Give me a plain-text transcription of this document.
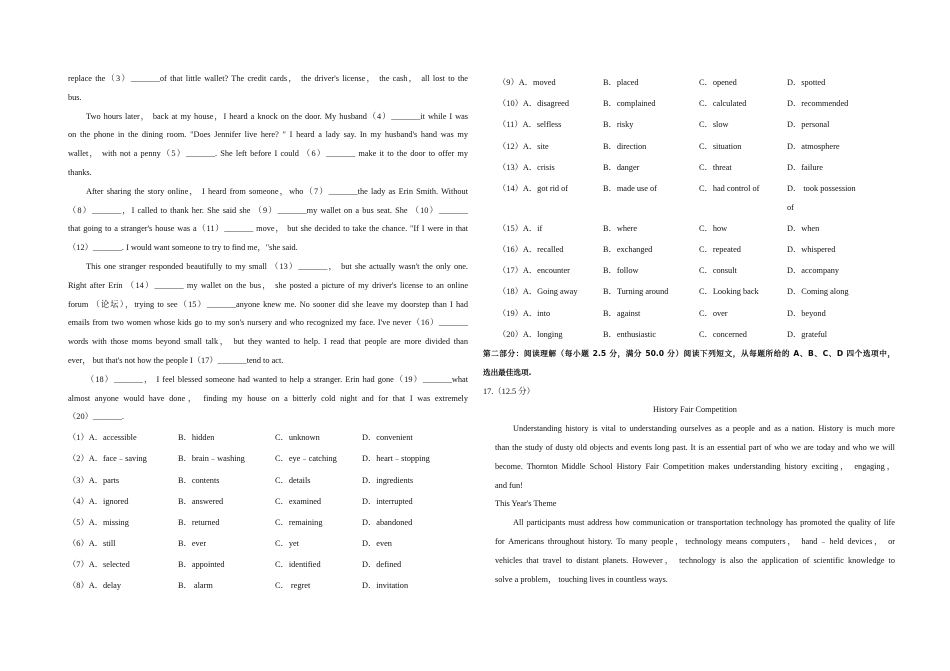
replace the（3）_______of that little wallet? The credit cards， the driver's license， the cash， all lost to the
bus.
Two hours later， back at my house，I heard a knock on the door. My husband（4）_______it while I was
on the phone in the dining room. "Does Jennifer live here? " I heard a lady say. In my husband's hand was my
wallet， with not a penny（5）_______. She left before I could （6）_______ make it to the door to offer my
thanks.
After sharing the story online， I heard from someone，who（7）_______the lady as Erin Smith. Without
（8）_______，I called to thank her. She said she （9）_______my wallet on a bus seat. She （10）_______
that going to a stranger's house was a（11）_______ move， but she decided to take the chance. "If I were in that
（12）_______. I would want someone to try to find me，"she said.
This one stranger responded beautifully to my small （13）_______， but she actually wasn't the only one.
Right after Erin （14）_______ my wallet on the bus， she posted a picture of my driver's license to an online
forum （论坛），trying to see（15）_______anyone knew me. No sooner did she leave my doorstep than I had
emails from two women whose kids go to my son's nursery and who recognized my face. I've never（16）_______
words with those moms beyond small talk， but they wanted to help. I read that people are more divided than
ever， but that's not how the people I（17）_______tend to act.
（18）_______， I feel blessed someone had wanted to help a stranger. Erin had gone（19）_______what
almost anyone would have done， finding my house on a bitterly cold night and for that I was extremely
（20）_______.
（1）A．accessible	B．hidden	C．unknown	D．convenient
（2）A．face﹣saving	B．brain﹣washing	C．eye﹣catching	D．heart﹣stopping
（3）A．parts	B．contents	C．details	D．ingredients
（4）A．ignored	B．answered	C．examined	D．interrupted
（5）A．missing	B．returned	C．remaining	D．abandoned
（6）A．still	B．ever	C．yet	D．even
（7）A．selected	B．appointed	C．identified	D．defined
（8）A．delay	B． alarm	C． regret	D．invitation
（9）A．moved	B．placed	C．opened	D．spotted
（10）A．disagreed	B．complained	C．calculated	D．recommended
（11）A．selfless	B．risky	C．slow	D．personal
（12）A．site	B．direction	C．situation	D．atmosphere
（13）A．crisis	B．danger	C．threat	D．failure
（14）A．got rid of	B．made use of	C．had control of	D． took possession
of
（15）A．if	B．where	C．how	D．when
（16）A．recalled	B．exchanged	C．repeated	D．whispered
（17）A．encounter	B．follow	C．consult	D．accompany
（18）A．Going away	B．Turning around	C．Looking back	D．Coming along
（19）A．into	B．against	C．over	D．beyond
（20）A．longing	B．enthusiastic	C．concerned	D．grateful
第二部分：阅读理解（每小题 2.5 分，满分 50.0 分）阅读下列短文，从每题所给的 A、B、C、D 四个选项中，
选出最佳选项.
17.（12.5 分）
History Fair Competition
Understanding history is vital to understanding ourselves as a people and as a nation. History is much more
than the study of dusty old objects and events long past. It is an essential part of who we are today and who we will
become. Thornton Middle School History Fair Competition makes understanding history exciting， engaging，
and fun!
This Year's Theme
All participants must address how communication or transportation technology has promoted the quality of life
for Americans throughout history. To many people，technology means computers， hand﹣held devices， or
vehicles that travel to distant planets. However， technology is also the application of scientific knowledge to
solve a problem， touching lives in countless ways.
